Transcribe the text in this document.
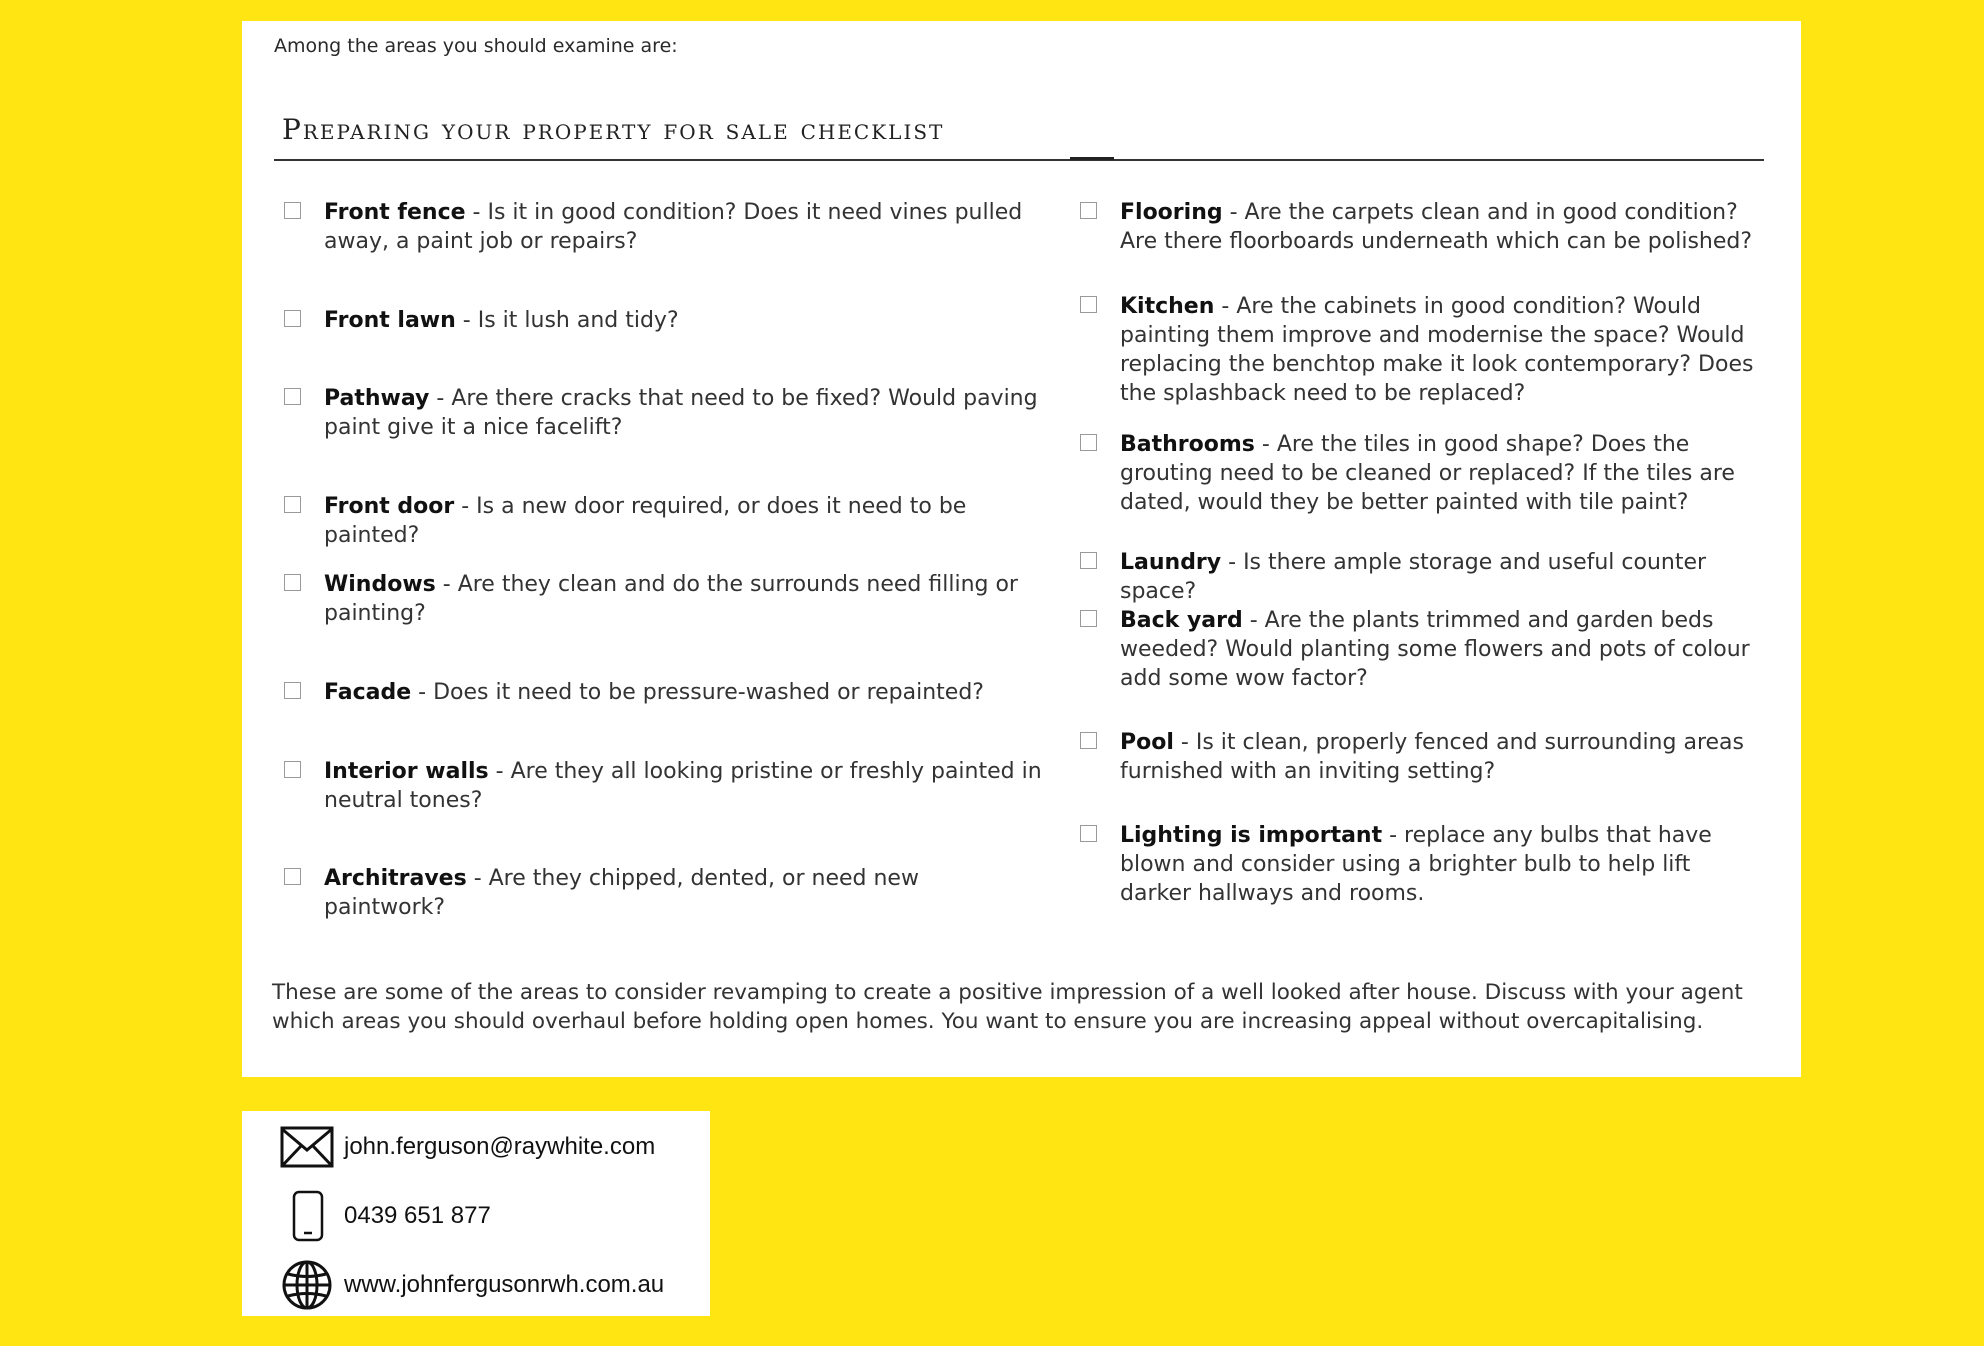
Among the areas you should examine are:
Preparing your property for sale checklist
Front fence - Is it in good condition? Does it need vines pulled away, a paint job or repairs?
Front lawn - Is it lush and tidy?
Pathway - Are there cracks that need to be fixed? Would paving paint give it a nice facelift?
Front door - Is a new door required, or does it need to be painted?
Windows - Are they clean and do the surrounds need filling or painting?
Facade - Does it need to be pressure-washed or repainted?
Interior walls - Are they all looking pristine or freshly painted in neutral tones?
Architraves - Are they chipped, dented, or need new paintwork?
Flooring - Are the carpets clean and in good condition? Are there floorboards underneath which can be polished?
Kitchen - Are the cabinets in good condition? Would painting them improve and modernise the space? Would replacing the benchtop make it look contemporary? Does the splashback need to be replaced?
Bathrooms - Are the tiles in good shape? Does the grouting need to be cleaned or replaced? If the tiles are dated, would they be better painted with tile paint?
Laundry - Is there ample storage and useful counter space?
Back yard - Are the plants trimmed and garden beds weeded? Would planting some flowers and pots of colour add some wow factor?
Pool - Is it clean, properly fenced and surrounding areas furnished with an inviting setting?
Lighting is important - replace any bulbs that have blown and consider using a brighter bulb to help lift darker hallways and rooms.
These are some of the areas to consider revamping to create a positive impression of a well looked after house. Discuss with your agent which areas you should overhaul before holding open homes. You want to ensure you are increasing appeal without overcapitalising.
john.ferguson@raywhite.com
0439 651 877
www.johnfergusonrwh.com.au
